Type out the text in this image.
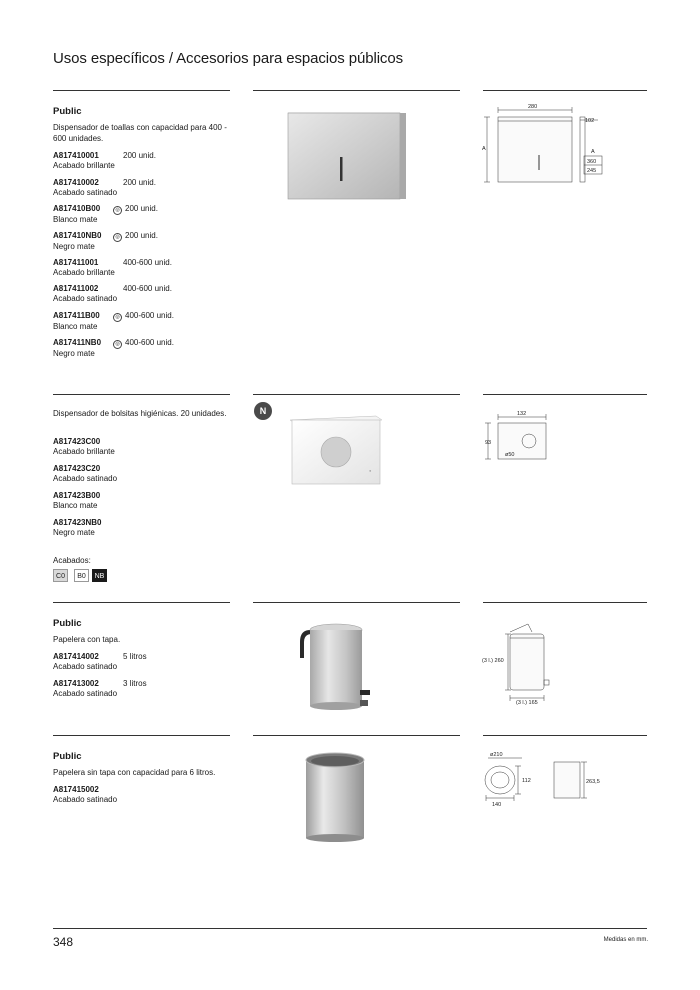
Usos específicos / Accesorios para espacios públicos
Public
Dispensador de toallas con capacidad para 400 - 600 unidades.
A817410001	200 unid.
Acabado brillante
A817410002	200 unid.
Acabado satinado
A817410B00	◎ 200 unid.
Blanco mate
A817410NB0	◎ 200 unid.
Negro mate
A817411001	400-600 unid.
Acabado brillante
A817411002	400-600 unid.
Acabado satinado
A817411B00	◎ 400-600 unid.
Blanco mate
A817411NB0	◎ 400-600 unid.
Negro mate
280
102
A	A
360
245
Dispensador de bolsitas higiénicas. 20 unidades.
A817423C00
Acabado brillante
A817423C20
Acabado satinado
A817423B00
Blanco mate
A817423NB0
Negro mate
Acabados:
C0	B0	NB
N
●
132
93
ø50
Public
Papelera con tapa.
A817414002	5 litros
Acabado satinado
A817413002	3 litros
Acabado satinado
(3 l.) 260
(3 l.) 165
Public
Papelera sin tapa con capacidad para 6 litros.
A817415002
Acabado satinado
ø210
112
140
263,5
348	Medidas en mm.
